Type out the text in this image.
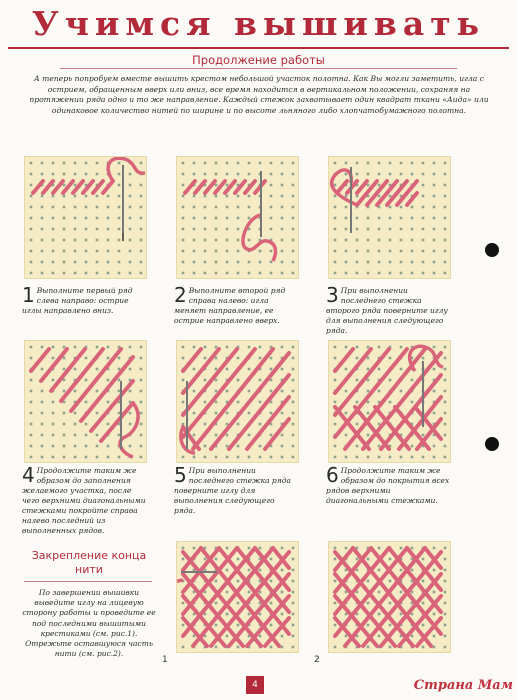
Учимся вышивать
Продолжение работы
А теперь попробуем вместе вышить крестом небольшой участок полотна. Как Вы могли заметить, игла с острием, обращенным вверх или вниз, все время находится в вертикальном положении, сохраняя на протяжении ряда одно и то же направление. Каждый стежок захватывает один квадрат ткани «Аида» или одинаковое количество нитей по ширине и по высоте льняного либо хлопчатобумажного полотна.
1 Выполните первый ряд слева направо: острие иглы направлено вниз.
2 Выполните второй ряд справа налево: игла меняет направление, ее острие направлено вверх.
3 При выполнении последнего стежка второго ряда поверните иглу для выполнения следующего ряда.
4 Продолжите таким же образом до заполнения желаемого участка, после чего верхними диагональными стежками покройте справа налево последний из выполненных рядов.
5 При выполнении последнего стежка ряда поверните иглу для выполнения следующего ряда.
6 Продолжите таким же образом до покрытия всех рядов верхними диагональными стежками.
Закрепление конца нити
По завершении вышивки выведите иглу на лицевую сторону работы и проведите ее под последними вышитыми крестиками (см. рис.1). Отрежьте оставшуюся часть нити (см. рис.2).
1	2
4	Страна Мам
